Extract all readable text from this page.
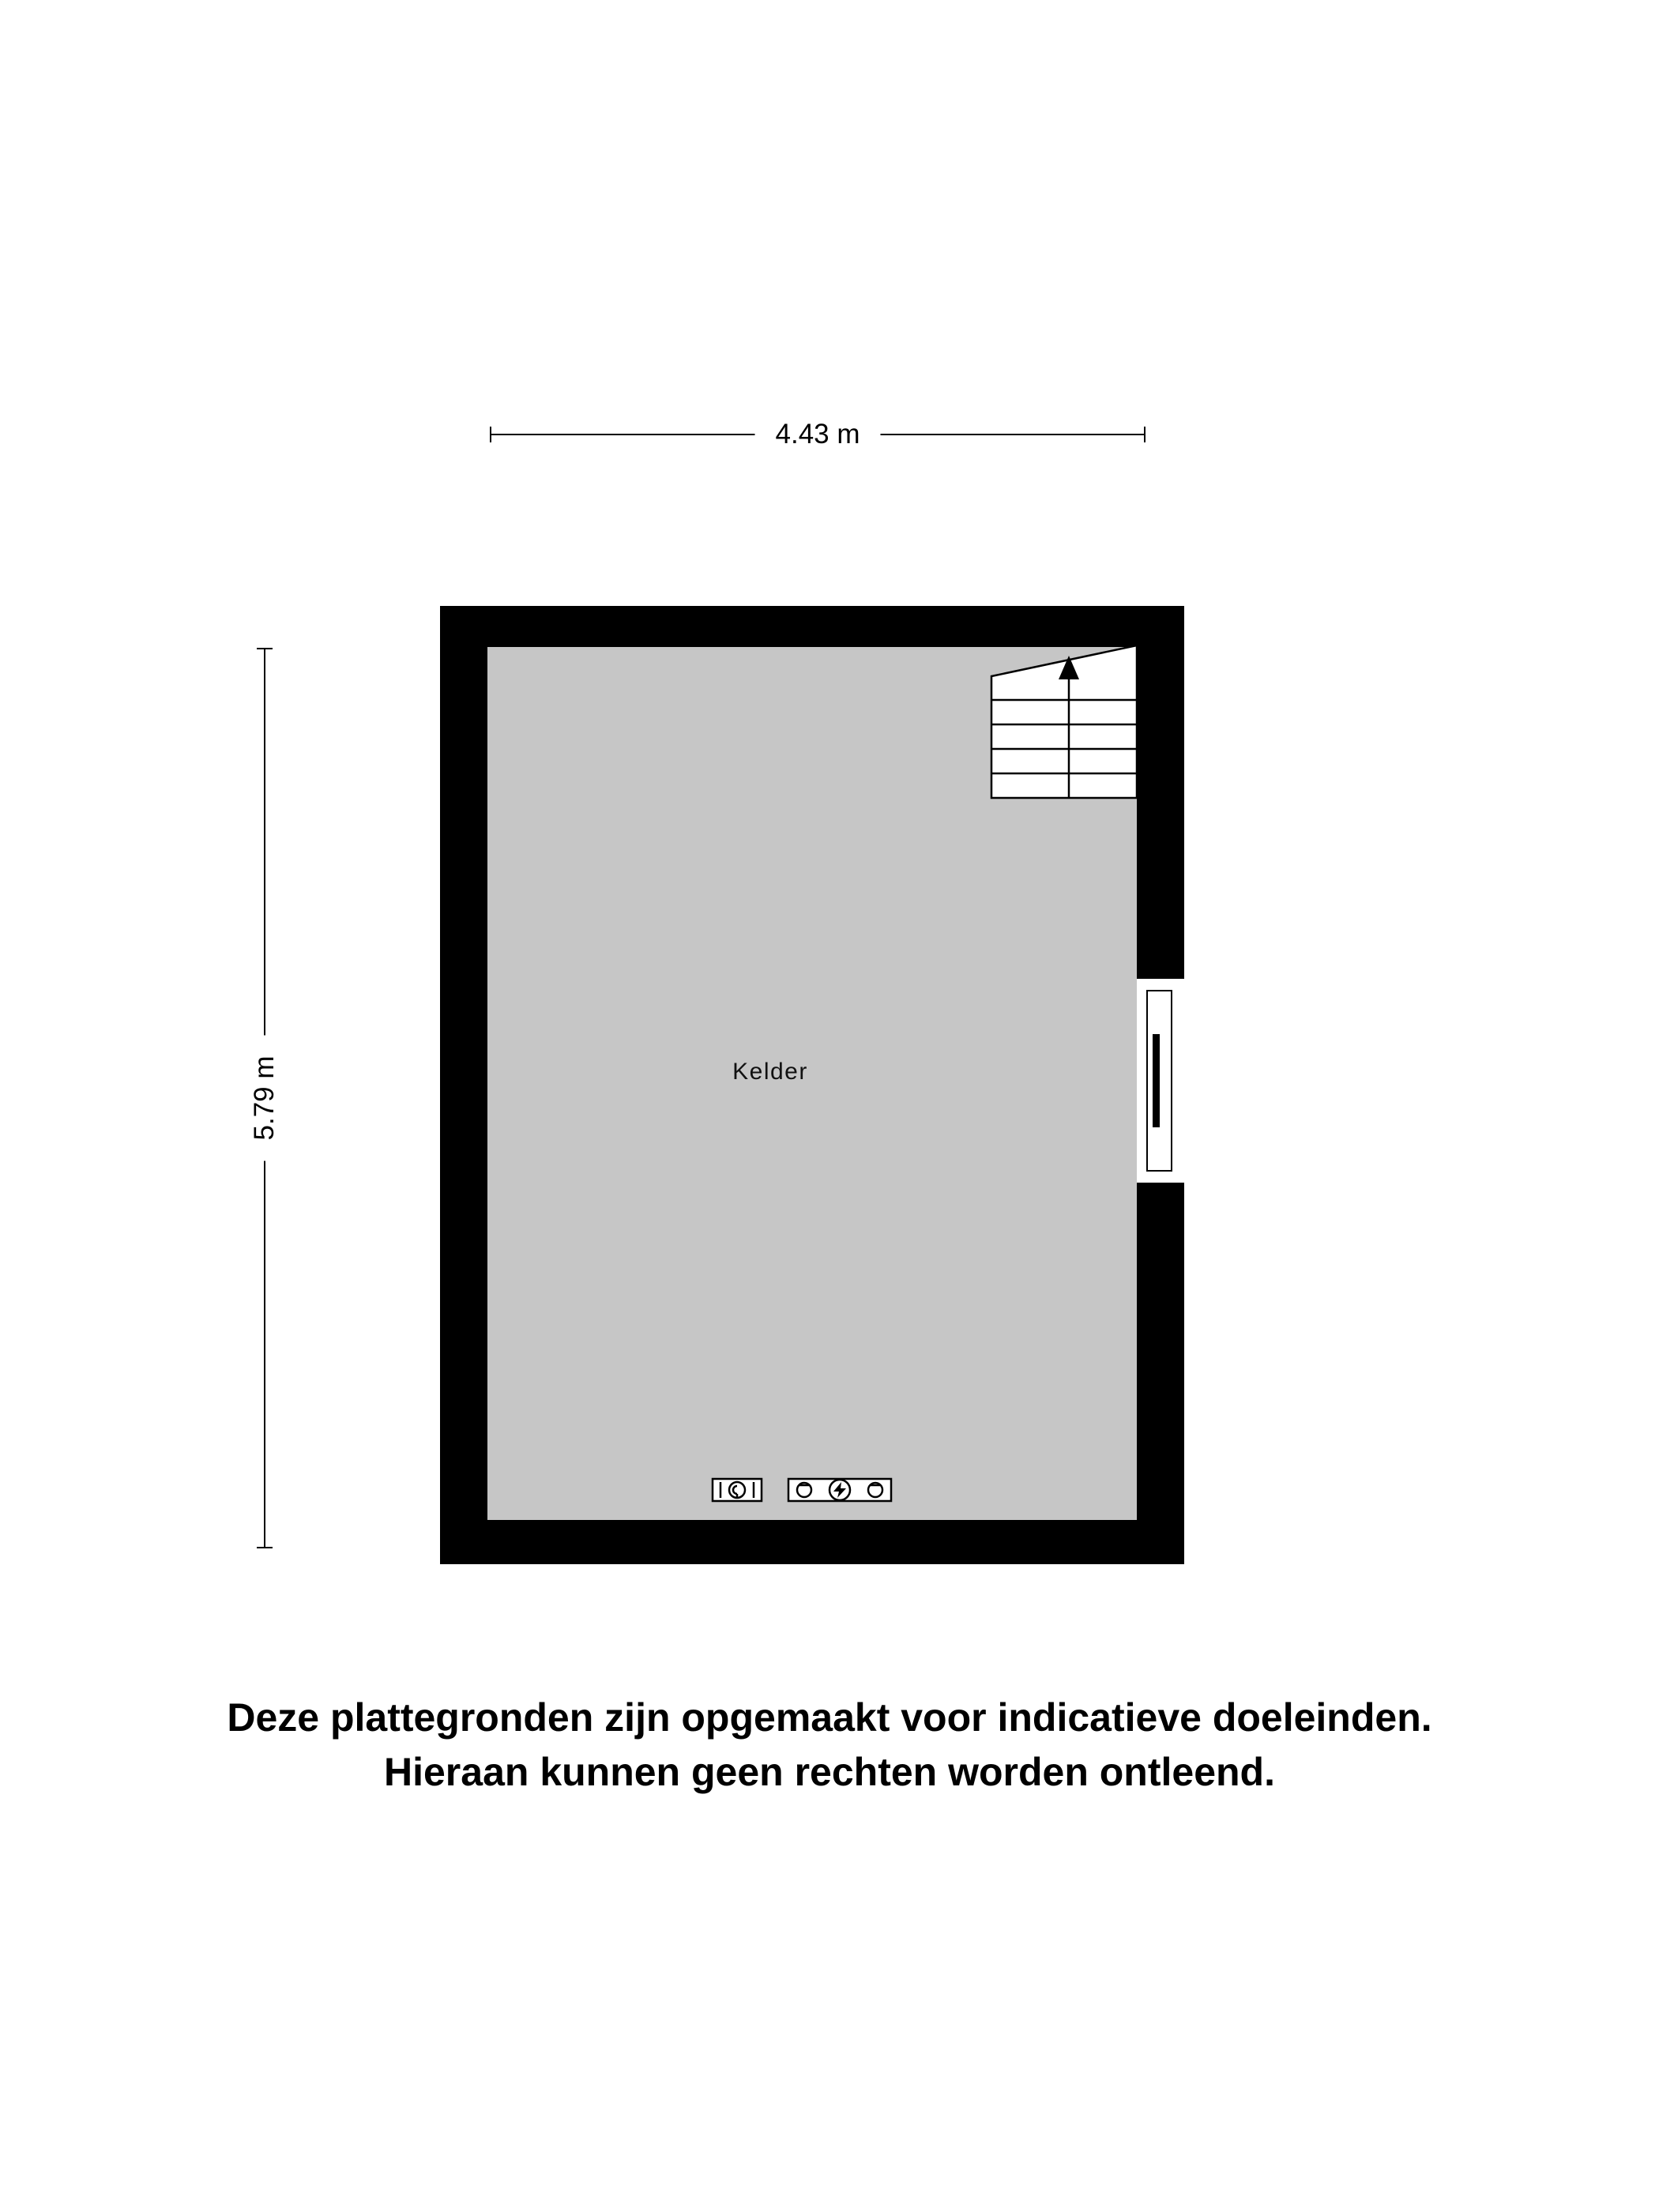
4.43 m
5.79 m	Kelder
Deze plattegronden zijn opgemaakt voor indicatieve doeleinden.
Hieraan kunnen geen rechten worden ontleend.
